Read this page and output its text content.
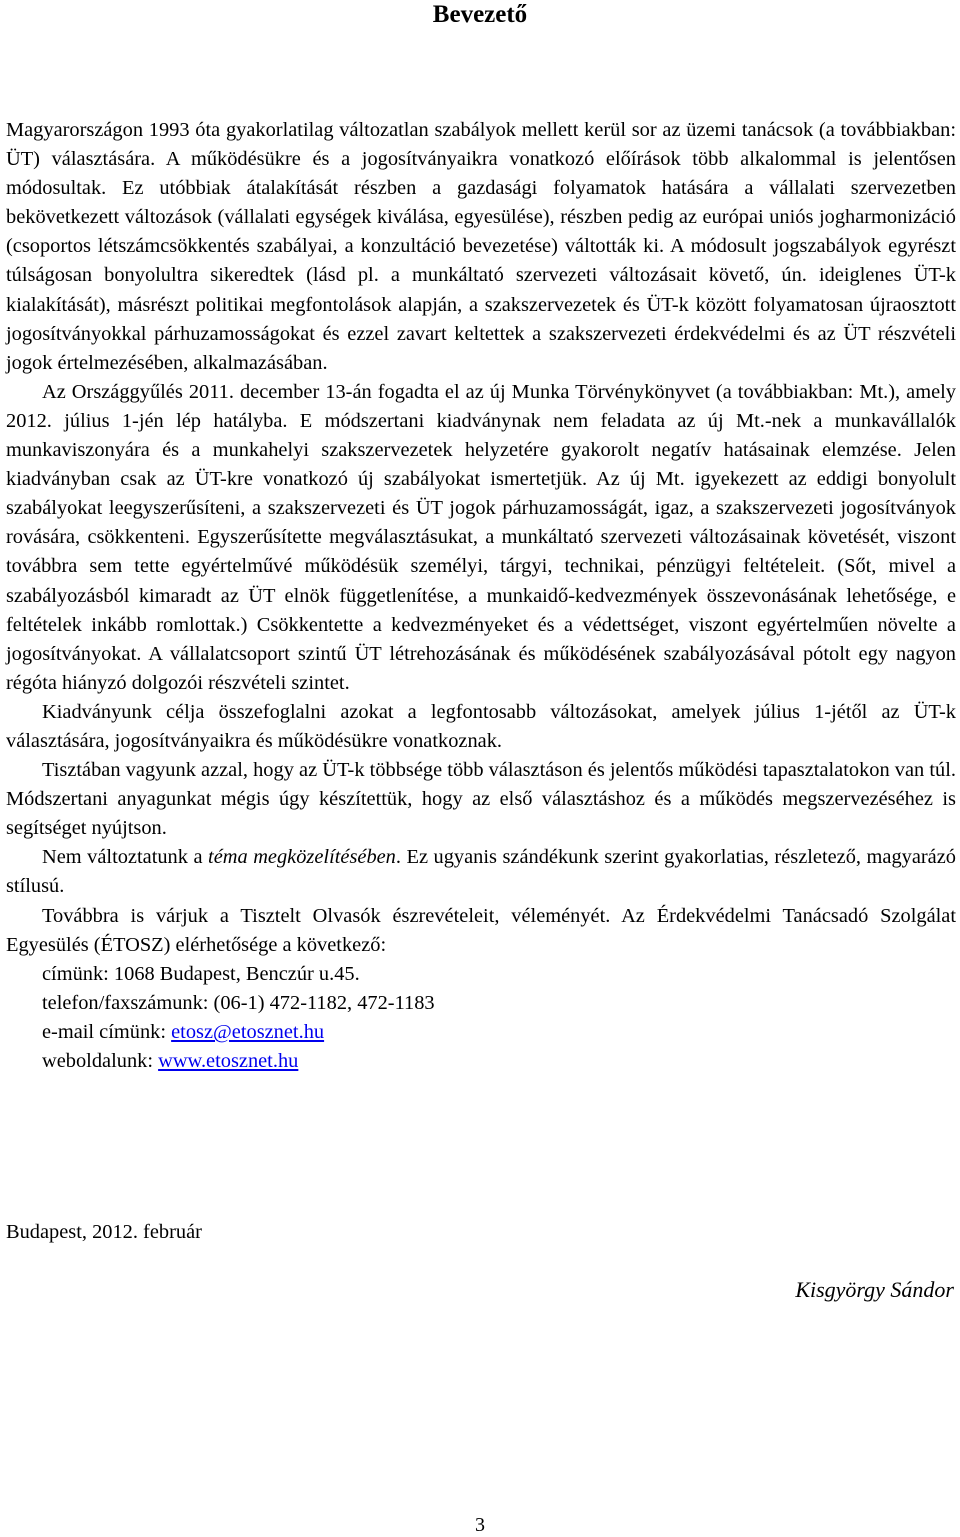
Bevezető

Magyarországon 1993 óta gyakorlatilag változatlan szabályok mellett kerül sor az üzemi tanácsok (a továbbiakban: ÜT) választására. A működésükre és a jogosítványaikra vonatkozó előírások több alkalommal is jelentősen módosultak. Ez utóbbiak átalakítását részben a gazdasági folyamatok hatására a vállalati szervezetben bekövetkezett változások (vállalati egységek kiválása, egyesülése), részben pedig az európai uniós jogharmonizáció (csoportos létszámcsökkentés szabályai, a konzultáció bevezetése) váltották ki. A módosult jogszabályok egyrészt túlságosan bonyolultra sikeredtek (lásd pl. a munkáltató szervezeti változásait követő, ún. ideiglenes ÜT-k kialakítását), másrészt politikai megfontolások alapján, a szakszervezetek és ÜT-k között folyamatosan újraosztott jogosítványokkal párhuzamosságokat és ezzel zavart keltettek a szakszervezeti érdekvédelmi és az ÜT részvételi jogok értelmezésében, alkalmazásában.

Az Országgyűlés 2011. december 13-án fogadta el az új Munka Törvénykönyvet (a továbbiakban: Mt.), amely 2012. július 1-jén lép hatályba. E módszertani kiadványnak nem feladata az új Mt.-nek a munkavállalók munkaviszonyára és a munkahelyi szakszervezetek helyzetére gyakorolt negatív hatásainak elemzése. Jelen kiadványban csak az ÜT-kre vonatkozó új szabályokat ismertetjük. Az új Mt. igyekezett az eddigi bonyolult szabályokat leegyszerűsíteni, a szakszervezeti és ÜT jogok párhuzamosságát, igaz, a szakszervezeti jogosítványok rovására, csökkenteni. Egyszerűsítette megválasztásukat, a munkáltató szervezeti változásainak követését, viszont továbbra sem tette egyértelművé működésük személyi, tárgyi, technikai, pénzügyi feltételeit. (Sőt, mivel a szabályozásból kimaradt az ÜT elnök függetlenítése, a munkaidő-kedvezmények összevonásának lehetősége, e feltételek inkább romlottak.) Csökkentette a kedvezményeket és a védettséget, viszont egyértelműen növelte a jogosítványokat. A vállalatcsoport szintű ÜT létrehozásának és működésének szabályozásával pótolt egy nagyon régóta hiányzó dolgozói részvételi szintet.

Kiadványunk célja összefoglalni azokat a legfontosabb változásokat, amelyek július 1-jétől az ÜT-k választására, jogosítványaikra és működésükre vonatkoznak.

Tisztában vagyunk azzal, hogy az ÜT-k többsége több választáson és jelentős működési tapasztalatokon van túl. Módszertani anyagunkat mégis úgy készítettük, hogy az első választáshoz és a működés megszervezéséhez is segítséget nyújtson.

Nem változtatunk a téma megközelítésében. Ez ugyanis szándékunk szerint gyakorlatias, részletező, magyarázó stílusú.

Továbbra is várjuk a Tisztelt Olvasók észrevételeit, véleményét. Az Érdekvédelmi Tanácsadó Szolgálat Egyesülés (ÉTOSZ) elérhetősége a következő:

címünk: 1068 Budapest, Benczúr u.45.
telefon/faxszámunk: (06-1) 472-1182, 472-1183
e-mail címünk: etosz@etosznet.hu
weboldalunk: www.etosznet.hu
Budapest, 2012. február
Kisgyörgy Sándor
3
